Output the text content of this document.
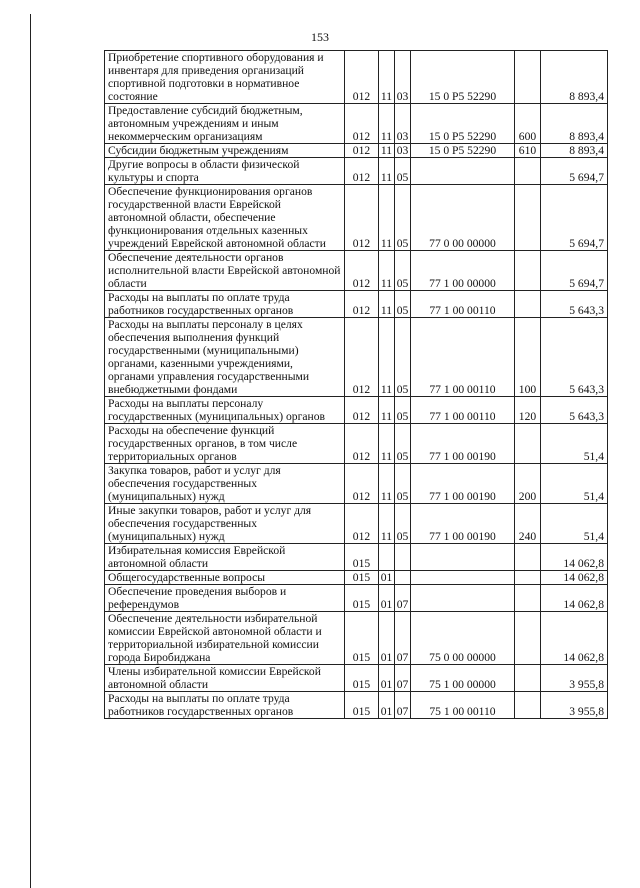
153
Приобретение спортивного оборудования и инвентаря для приведения организаций спортивной подготовки в нормативное состояние	012	11	03	15 0 Р5 52290		8 893,4
Предоставление субсидий бюджетным, автономным учреждениям и иным некоммерческим организациям	012	11	03	15 0 Р5 52290	600	8 893,4
Субсидии бюджетным учреждениям	012	11	03	15 0 Р5 52290	610	8 893,4
Другие вопросы в области физической культуры и спорта	012	11	05			5 694,7
Обеспечение функционирования органов государственной власти Еврейской автономной области, обеспечение функционирования отдельных казенных учреждений Еврейской автономной области	012	11	05	77 0 00 00000		5 694,7
Обеспечение деятельности органов исполнительной власти Еврейской автономной области	012	11	05	77 1 00 00000		5 694,7
Расходы на выплаты по оплате труда работников государственных органов	012	11	05	77 1 00 00110		5 643,3
Расходы на выплаты персоналу в целях обеспечения выполнения функций государственными (муниципальными) органами, казенными учреждениями, органами управления государственными внебюджетными фондами	012	11	05	77 1 00 00110	100	5 643,3
Расходы на выплаты персоналу государственных (муниципальных) органов	012	11	05	77 1 00 00110	120	5 643,3
Расходы на обеспечение функций государственных органов, в том числе территориальных органов	012	11	05	77 1 00 00190		51,4
Закупка товаров, работ и услуг для обеспечения государственных (муниципальных) нужд	012	11	05	77 1 00 00190	200	51,4
Иные закупки товаров, работ и услуг для обеспечения государственных (муниципальных) нужд	012	11	05	77 1 00 00190	240	51,4
Избирательная комиссия Еврейской автономной области	015					14 062,8
Общегосударственные вопросы	015	01				14 062,8
Обеспечение проведения выборов и референдумов	015	01	07			14 062,8
Обеспечение деятельности избирательной комиссии Еврейской автономной области и территориальной избирательной комиссии города Биробиджана	015	01	07	75 0 00 00000		14 062,8
Члены избирательной комиссии Еврейской автономной области	015	01	07	75 1 00 00000		3 955,8
Расходы на выплаты по оплате труда работников государственных органов	015	01	07	75 1 00 00110		3 955,8
